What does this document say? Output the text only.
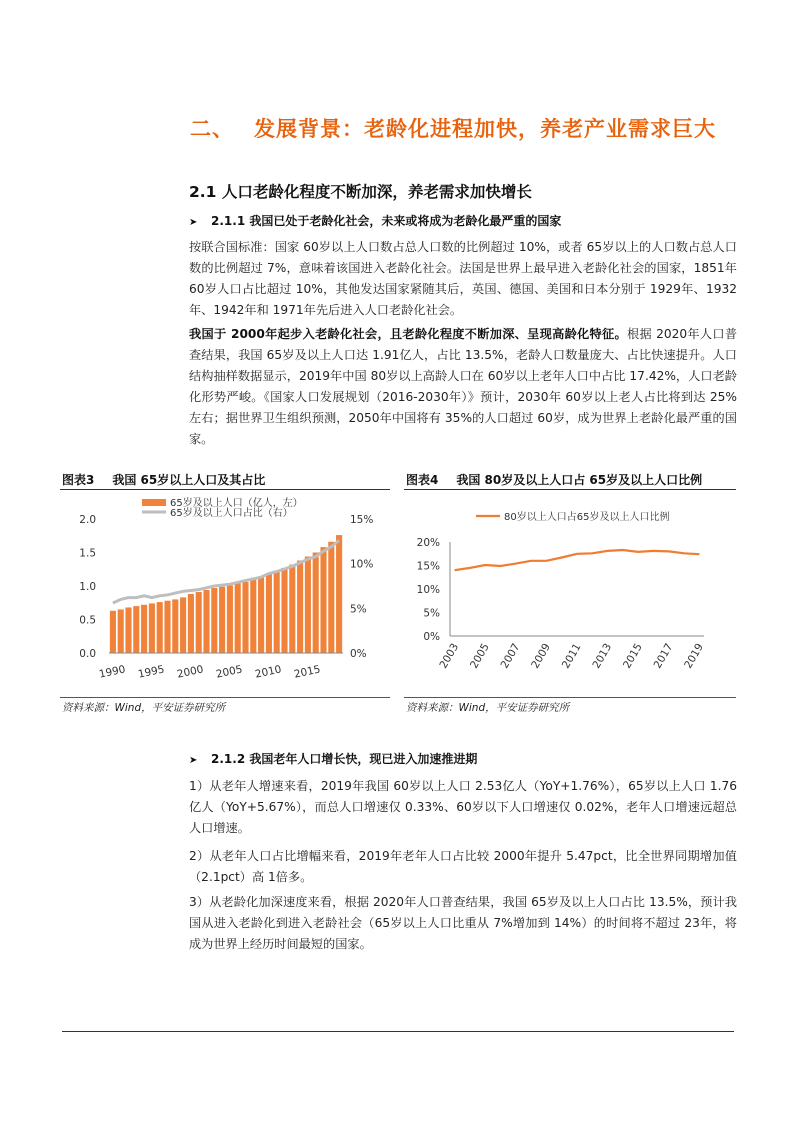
二、 发展背景：老龄化进程加快，养老产业需求巨大
2.1 人口老龄化程度不断加深，养老需求加快增长
➤ 2.1.1 我国已处于老龄化社会，未来或将成为老龄化最严重的国家
按联合国标准：国家 60岁以上人口数占总人口数的比例超过 10%，或者 65岁以上的人口数占总人口数的比例超过 7%，意味着该国进入老龄化社会。法国是世界上最早进入老龄化社会的国家，1851年 60岁人口占比超过 10%，其他发达国家紧随其后，英国、德国、美国和日本分别于 1929年、1932年、1942年和 1971年先后进入人口老龄化社会。
我国于 2000年起步入老龄化社会，且老龄化程度不断加深、呈现高龄化特征。根据 2020年人口普查结果，我国 65岁及以上人口达 1.91亿人，占比 13.5%，老龄人口数量庞大、占比快速提升。人口结构抽样数据显示，2019年中国 80岁以上高龄人口在 60岁以上老年人口中占比 17.42%，人口老龄化形势严峻。《国家人口发展规划（2016-2030年）》预计，2030年 60岁以上老人占比将到达 25%左右；据世界卫生组织预测，2050年中国将有 35%的人口超过 60岁，成为世界上老龄化最严重的国家。
图表3 我国 65岁以上人口及其占比
0.0
0.5
1.0
1.5
2.0
0%
5%
10%
15%
1990 1995 2000 2005 2010 2015
65岁及以上人口（亿人，左）
65岁及以上人口占比（右）
资料来源：Wind，平安证券研究所
图表4 我国 80岁及以上人口占 65岁及以上人口比例
0%
5%
10%
15%
20%
2003 2005 2007 2009 2011 2013 2015 2017 2019
80岁以上人口占65岁及以上人口比例
资料来源：Wind，平安证券研究所
➤ 2.1.2 我国老年人口增长快，现已进入加速推进期
1）从老年人增速来看，2019年我国 60岁以上人口 2.53亿人（YoY+1.76%），65岁以上人口 1.76亿人（YoY+5.67%），而总人口增速仅 0.33%、60岁以下人口增速仅 0.02%，老年人口增速远超总人口增速。
2）从老年人口占比增幅来看，2019年老年人口占比较 2000年提升 5.47pct，比全世界同期增加值（2.1pct）高 1倍多。
3）从老龄化加深速度来看，根据 2020年人口普查结果，我国 65岁及以上人口占比 13.5%，预计我国从进入老龄化到进入老龄社会（65岁以上人口比重从 7%增加到 14%）的时间将不超过 23年，将成为世界上经历时间最短的国家。
